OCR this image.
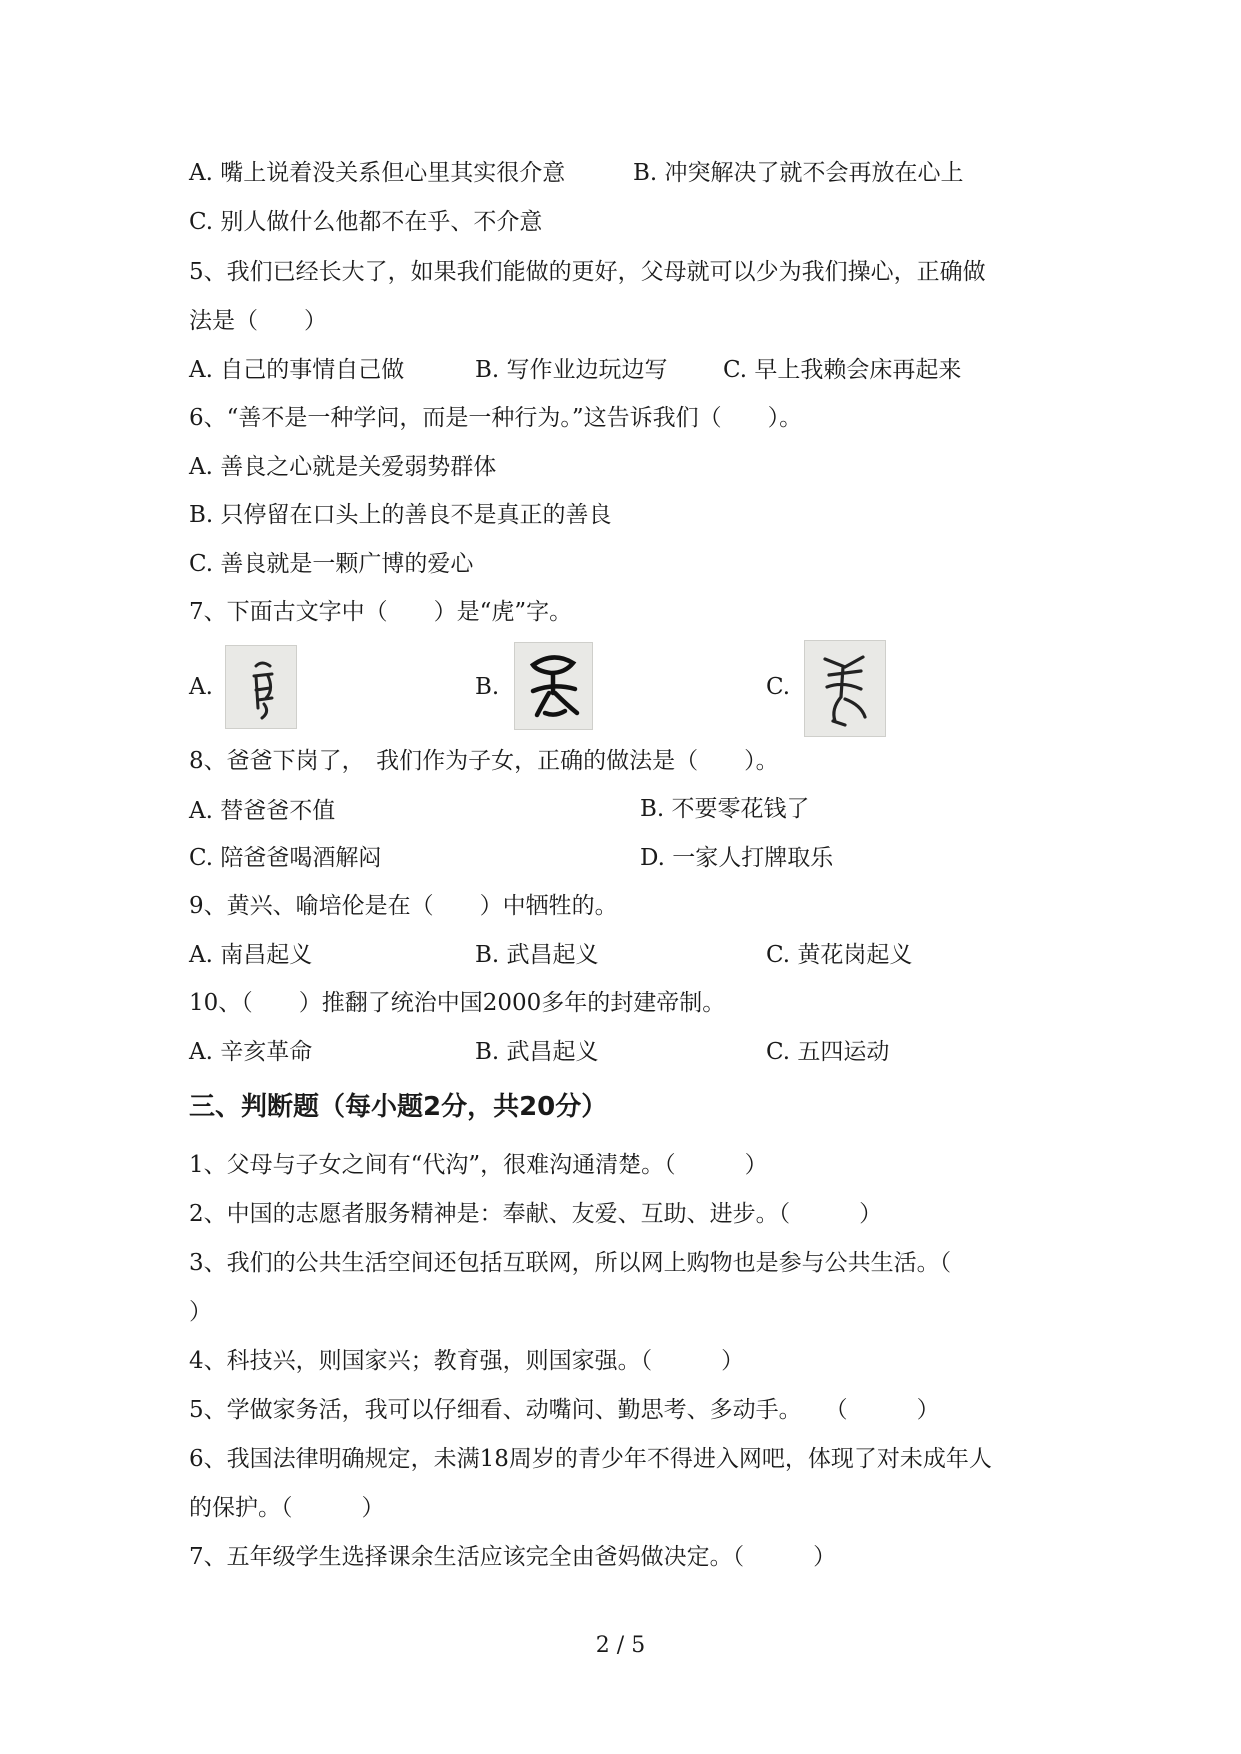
A. 嘴上说着没关系但心里其实很介意	B. 冲突解决了就不会再放在心上
C. 别人做什么他都不在乎、不介意
5、我们已经长大了，如果我们能做的更好，父母就可以少为我们操心，正确做
法是（　　）
A. 自己的事情自己做	B. 写作业边玩边写 C. 早上我赖会床再起来
6、“善不是一种学问，而是一种行为。”这告诉我们（　　）。
A. 善良之心就是关爱弱势群体
B. 只停留在口头上的善良不是真正的善良
C. 善良就是一颗广博的爱心
7、下面古文字中（　　）是“虎”字。
A.	B.	C.
8、爸爸下岗了，　我们作为子女，正确的做法是（　　）。
A. 替爸爸不值	B. 不要零花钱了
C. 陪爸爸喝酒解闷	D. 一家人打牌取乐
9、黄兴、喻培伦是在（　　）中牺牲的。
A. 南昌起义	B. 武昌起义	C. 黄花岗起义
10、（　　）推翻了统治中国2000多年的封建帝制。
A. 辛亥革命	B. 武昌起义	C. 五四运动
三、判断题（每小题2分，共20分）
1、父母与子女之间有“代沟”，很难沟通清楚。（　　　）
2、中国的志愿者服务精神是：奉献、友爱、互助、进步。（　　　）
3、我们的公共生活空间还包括互联网，所以网上购物也是参与公共生活。（
）
4、科技兴，则国家兴；教育强，则国家强。（　　　）
5、学做家务活，我可以仔细看、动嘴问、勤思考、多动手。　　（　　　）
6、我国法律明确规定，未满18周岁的青少年不得进入网吧，体现了对未成年人
的保护。（　　　）
7、五年级学生选择课余生活应该完全由爸妈做决定。（　　　）
2 / 5
